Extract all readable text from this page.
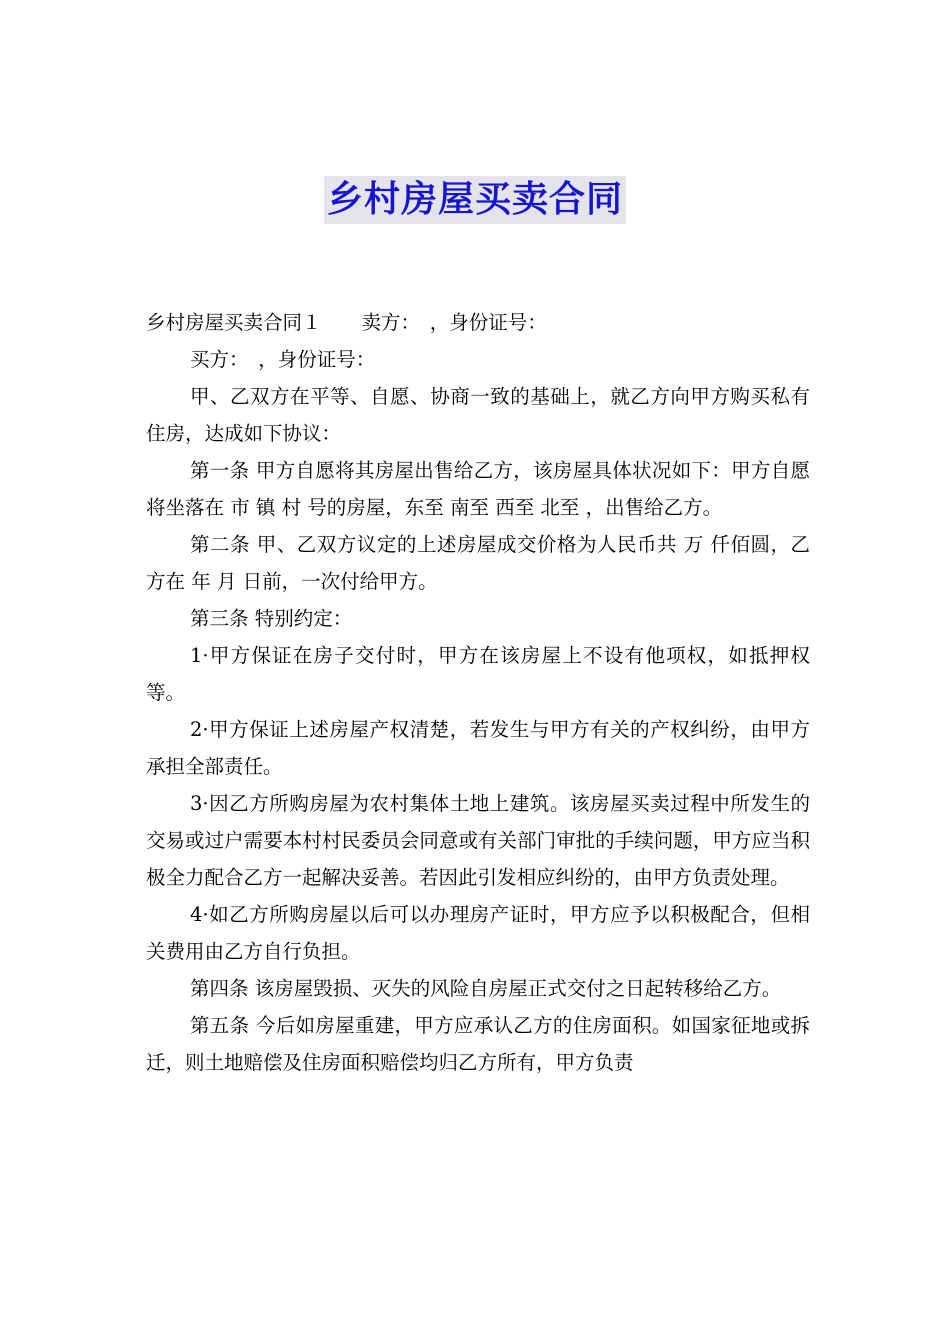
乡村房屋买卖合同

乡村房屋买卖合同１ 卖方：　，身份证号：

买方：　，身份证号：

甲、乙双方在平等、自愿、协商一致的基础上，就乙方向甲方购买私有住房，达成如下协议：

第一条 甲方自愿将其房屋出售给乙方，该房屋具体状况如下：甲方自愿将坐落在 市 镇 村 号的房屋，东至 南至 西至 北至 ，出售给乙方。

第二条 甲、乙双方议定的上述房屋成交价格为人民币共 万 仟佰圆，乙方在 年 月 日前，一次付给甲方。

第三条 特别约定：

1·甲方保证在房子交付时，甲方在该房屋上不设有他项权，如抵押权等。

2·甲方保证上述房屋产权清楚，若发生与甲方有关的产权纠纷，由甲方承担全部责任。

3·因乙方所购房屋为农村集体土地上建筑。该房屋买卖过程中所发生的交易或过户需要本村村民委员会同意或有关部门审批的手续问题，甲方应当积极全力配合乙方一起解决妥善。若因此引发相应纠纷的，由甲方负责处理。

4·如乙方所购房屋以后可以办理房产证时，甲方应予以积极配合，但相关费用由乙方自行负担。

第四条 该房屋毁损、灭失的风险自房屋正式交付之日起转移给乙方。

第五条 今后如房屋重建，甲方应承认乙方的住房面积。如国家征地或拆迁，则土地赔偿及住房面积赔偿均归乙方所有，甲方负责
